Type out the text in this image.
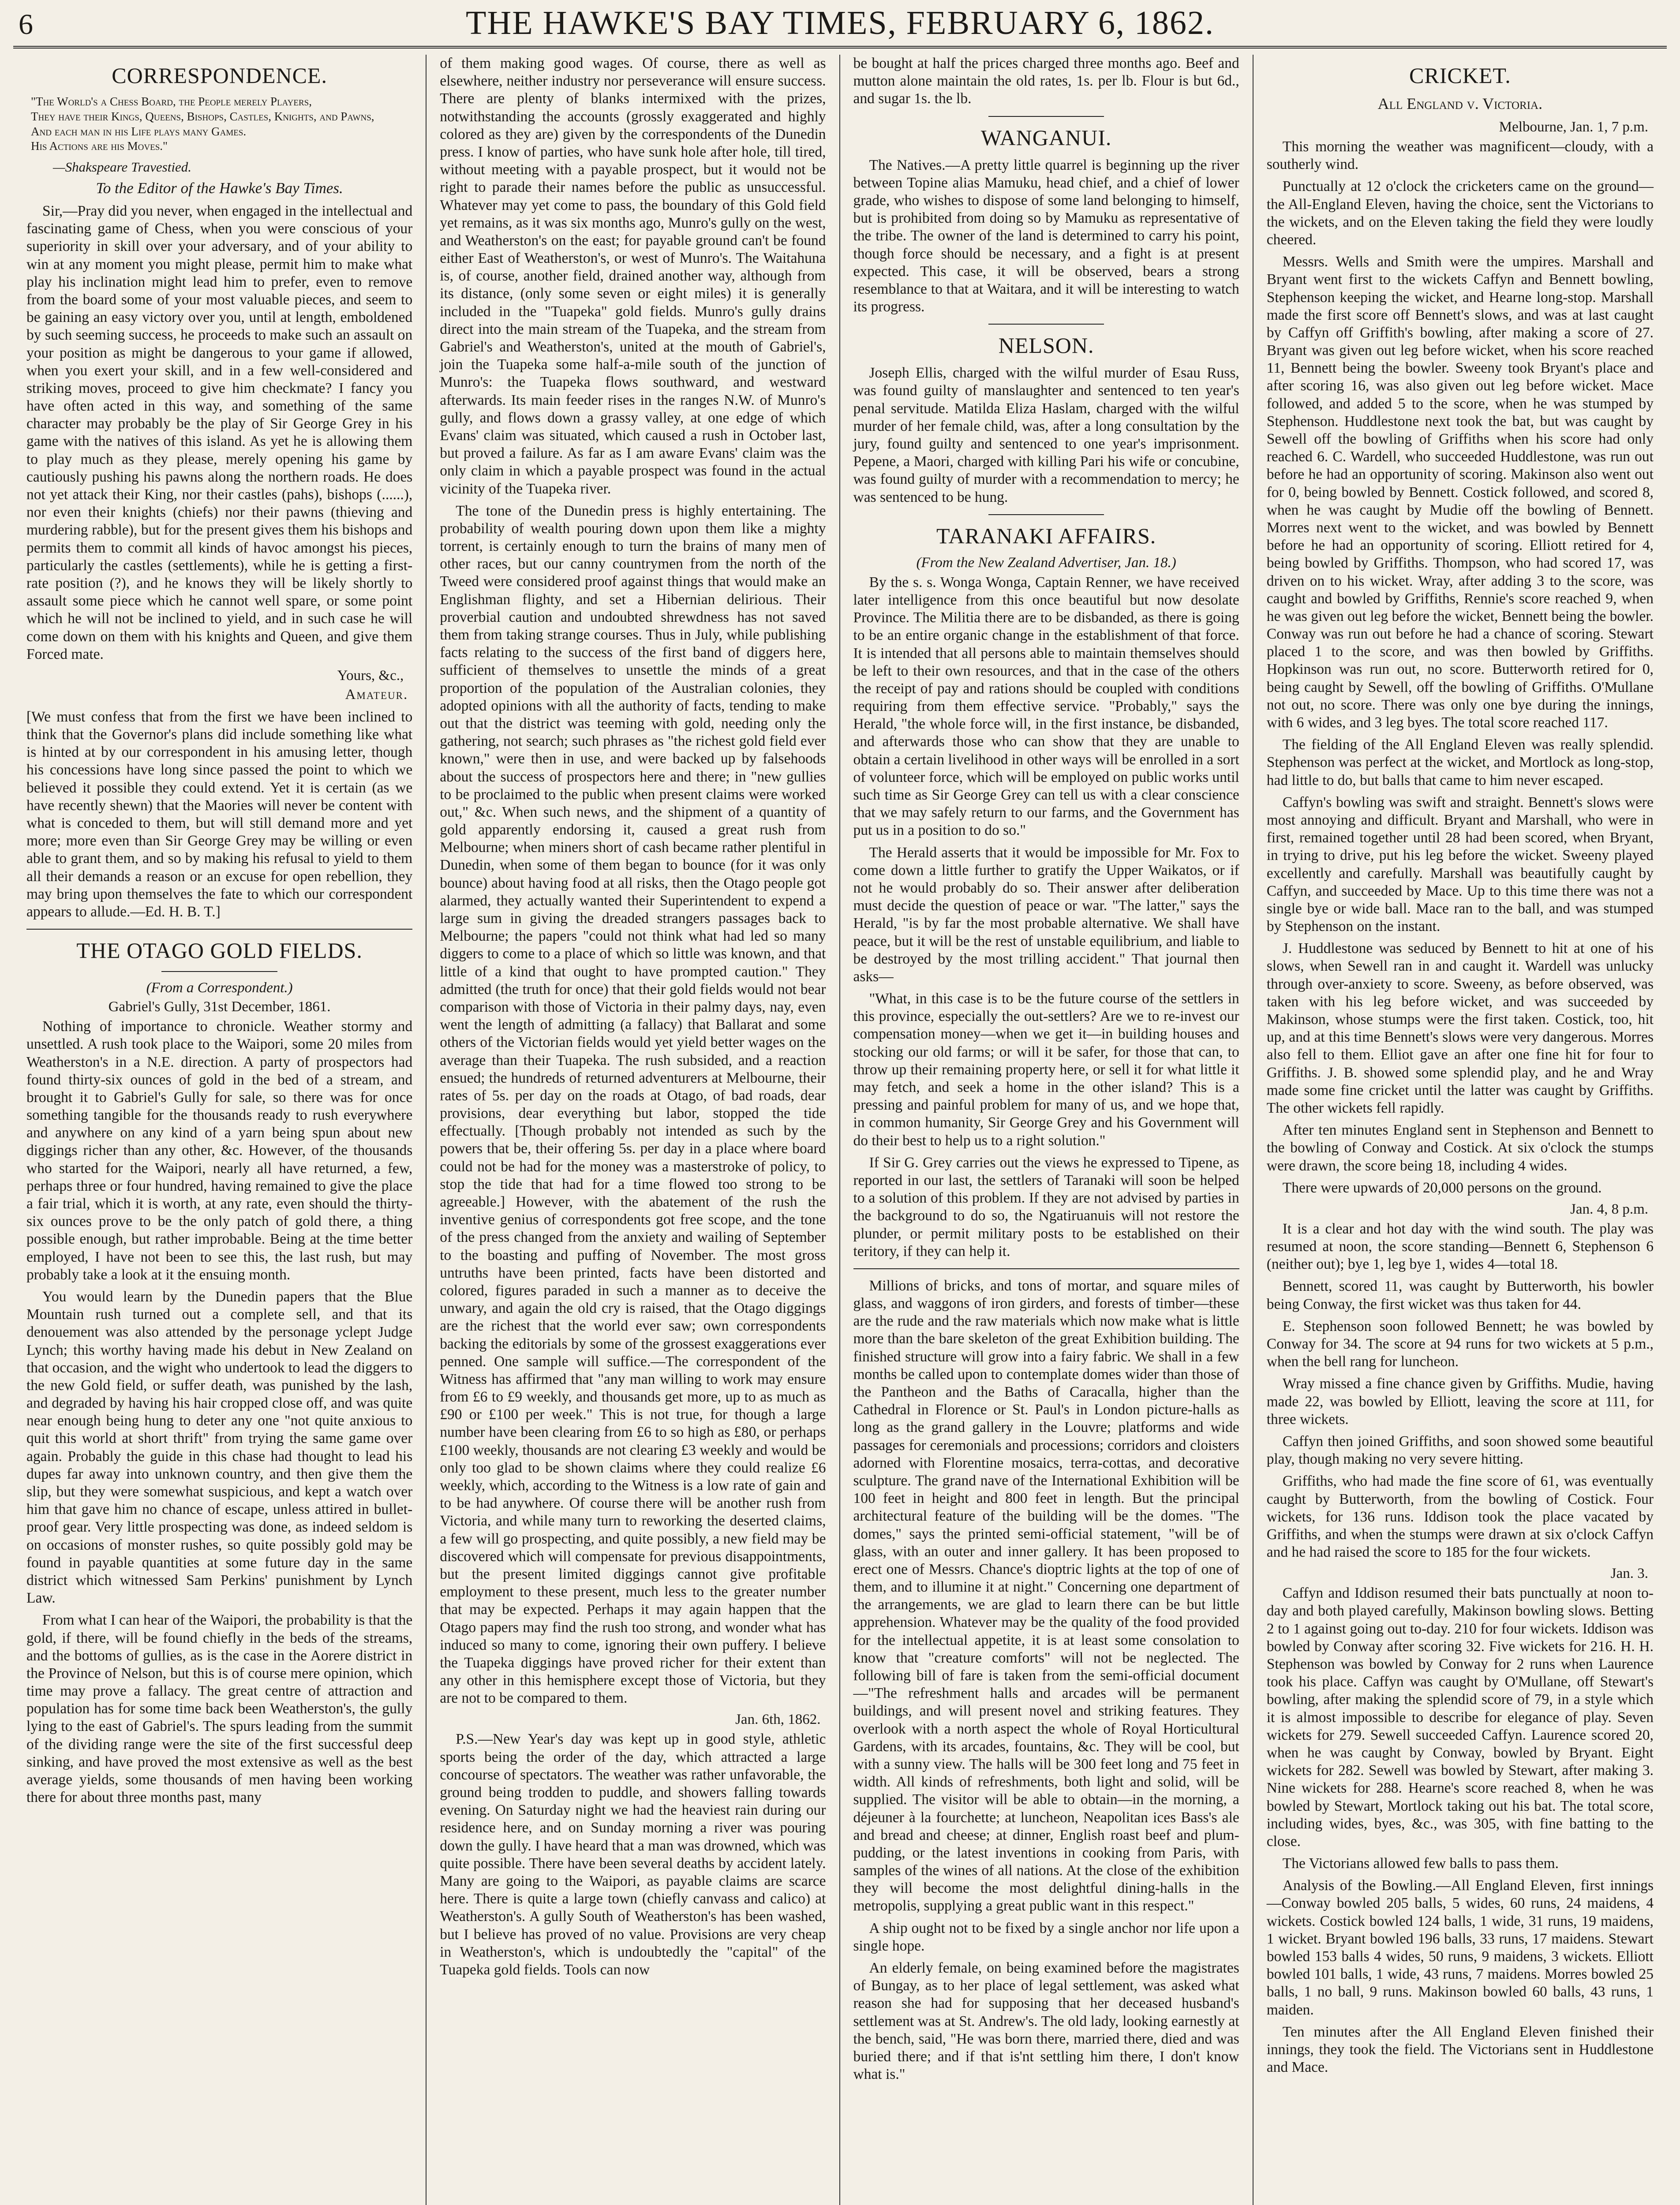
6	THE HAWKE'S BAY TIMES, FEBRUARY 6, 1862.
CORRESPONDENCE.
"The World's a Chess Board, the People merely Players,
They have their Kings, Queens, Bishops, Castles, Knights, and Pawns,
And each man in his Life plays many Games.
His Actions are his Moves."
—Shakspeare Travestied.
To the Editor of the Hawke's Bay Times.

Sir,—Pray did you never, when engaged in the intellectual and fascinating game of Chess, when you were conscious of your superiority in skill over your adversary, and of your ability to win at any moment you might please, permit him to make what play his inclination might lead him to prefer, even to remove from the board some of your most valuable pieces, and seem to be gaining an easy victory over you, until at length, emboldened by such seeming success, he proceeds to make such an assault on your position as might be dangerous to your game if allowed, when you exert your skill, and in a few well-considered and striking moves, proceed to give him checkmate? I fancy you have often acted in this way, and something of the same character may probably be the play of Sir George Grey in his game with the natives of this island. As yet he is allowing them to play much as they please, merely opening his game by cautiously pushing his pawns along the northern roads. He does not yet attack their King, nor their castles (pahs), bishops (......), nor even their knights (chiefs) nor their pawns (thieving and murdering rabble), but for the present gives them his bishops and permits them to commit all kinds of havoc amongst his pieces, particularly the castles (settlements), while he is getting a first-rate position (?), and he knows they will be likely shortly to assault some piece which he cannot well spare, or some point which he will not be inclined to yield, and in such case he will come down on them with his knights and Queen, and give them Forced mate.

Yours, &c.,
Amateur.

[We must confess that from the first we have been inclined to think that the Governor's plans did include something like what is hinted at by our correspondent in his amusing letter, though his concessions have long since passed the point to which we believed it possible they could extend. Yet it is certain (as we have recently shewn) that the Maories will never be content with what is conceded to them, but will still demand more and yet more; more even than Sir George Grey may be willing or even able to grant them, and so by making his refusal to yield to them all their demands a reason or an excuse for open rebellion, they may bring upon themselves the fate to which our correspondent appears to allude.—Ed. H. B. T.]

THE OTAGO GOLD FIELDS.
(From a Correspondent.)
Gabriel's Gully, 31st December, 1861.

Nothing of importance to chronicle. Weather stormy and unsettled. A rush took place to the Waipori, some 20 miles from Weatherston's in a N.E. direction. A party of prospectors had found thirty-six ounces of gold in the bed of a stream, and brought it to Gabriel's Gully for sale, so there was for once something tangible for the thousands ready to rush everywhere and anywhere on any kind of a yarn being spun about new diggings richer than any other, &c. However, of the thousands who started for the Waipori, nearly all have returned, a few, perhaps three or four hundred, having remained to give the place a fair trial, which it is worth, at any rate, even should the thirty-six ounces prove to be the only patch of gold there, a thing possible enough, but rather improbable. Being at the time better employed, I have not been to see this, the last rush, but may probably take a look at it the ensuing month.

You would learn by the Dunedin papers that the Blue Mountain rush turned out a complete sell, and that its denouement was also attended by the personage yclept Judge Lynch; this worthy having made his debut in New Zealand on that occasion, and the wight who undertook to lead the diggers to the new Gold field, or suffer death, was punished by the lash, and degraded by having his hair cropped close off, and was quite near enough being hung to deter any one "not quite anxious to quit this world at short thrift" from trying the same game over again. Probably the guide in this chase had thought to lead his dupes far away into unknown country, and then give them the slip, but they were somewhat suspicious, and kept a watch over him that gave him no chance of escape, unless attired in bullet-proof gear. Very little prospecting was done, as indeed seldom is on occasions of monster rushes, so quite possibly gold may be found in payable quantities at some future day in the same district which witnessed Sam Perkins' punishment by Lynch Law.

From what I can hear of the Waipori, the probability is that the gold, if there, will be found chiefly in the beds of the streams, and the bottoms of gullies, as is the case in the Aorere district in the Province of Nelson, but this is of course mere opinion, which time may prove a fallacy. The great centre of attraction and population has for some time back been Weatherston's, the gully lying to the east of Gabriel's. The spurs leading from the summit of the dividing range were the site of the first successful deep sinking, and have proved the most extensive as well as the best average yields, some thousands of men having been working there for about three months past, many

of them making good wages. Of course, there as well as elsewhere, neither industry nor perseverance will ensure success. There are plenty of blanks intermixed with the prizes, notwithstanding the accounts (grossly exaggerated and highly colored as they are) given by the correspondents of the Dunedin press. I know of parties, who have sunk hole after hole, till tired, without meeting with a payable prospect, but it would not be right to parade their names before the public as unsuccessful. Whatever may yet come to pass, the boundary of this Gold field yet remains, as it was six months ago, Munro's gully on the west, and Weatherston's on the east; for payable ground can't be found either East of Weatherston's, or west of Munro's. The Waitahuna is, of course, another field, drained another way, although from its distance, (only some seven or eight miles) it is generally included in the "Tuapeka" gold fields. Munro's gully drains direct into the main stream of the Tuapeka, and the stream from Gabriel's and Weatherston's, united at the mouth of Gabriel's, join the Tuapeka some half-a-mile south of the junction of Munro's: the Tuapeka flows southward, and westward afterwards. Its main feeder rises in the ranges N.W. of Munro's gully, and flows down a grassy valley, at one edge of which Evans' claim was situated, which caused a rush in October last, but proved a failure. As far as I am aware Evans' claim was the only claim in which a payable prospect was found in the actual vicinity of the Tuapeka river.

The tone of the Dunedin press is highly entertaining. The probability of wealth pouring down upon them like a mighty torrent, is certainly enough to turn the brains of many men of other races, but our canny countrymen from the north of the Tweed were considered proof against things that would make an Englishman flighty, and set a Hibernian delirious. Their proverbial caution and undoubted shrewdness has not saved them from taking strange courses. Thus in July, while publishing facts relating to the success of the first band of diggers here, sufficient of themselves to unsettle the minds of a great proportion of the population of the Australian colonies, they adopted opinions with all the authority of facts, tending to make out that the district was teeming with gold, needing only the gathering, not search; such phrases as "the richest gold field ever known," were then in use, and were backed up by falsehoods about the success of prospectors here and there; in "new gullies to be proclaimed to the public when present claims were worked out," &c. When such news, and the shipment of a quantity of gold apparently endorsing it, caused a great rush from Melbourne; when miners short of cash became rather plentiful in Dunedin, when some of them began to bounce (for it was only bounce) about having food at all risks, then the Otago people got alarmed, they actually wanted their Superintendent to expend a large sum in giving the dreaded strangers passages back to Melbourne; the papers "could not think what had led so many diggers to come to a place of which so little was known, and that little of a kind that ought to have prompted caution." They admitted (the truth for once) that their gold fields would not bear comparison with those of Victoria in their palmy days, nay, even went the length of admitting (a fallacy) that Ballarat and some others of the Victorian fields would yet yield better wages on the average than their Tuapeka. The rush subsided, and a reaction ensued; the hundreds of returned adventurers at Melbourne, their rates of 5s. per day on the roads at Otago, of bad roads, dear provisions, dear everything but labor, stopped the tide effectually. [Though probably not intended as such by the powers that be, their offering 5s. per day in a place where board could not be had for the money was a masterstroke of policy, to stop the tide that had for a time flowed too strong to be agreeable.] However, with the abatement of the rush the inventive genius of correspondents got free scope, and the tone of the press changed from the anxiety and wailing of September to the boasting and puffing of November. The most gross untruths have been printed, facts have been distorted and colored, figures paraded in such a manner as to deceive the unwary, and again the old cry is raised, that the Otago diggings are the richest that the world ever saw; own correspondents backing the editorials by some of the grossest exaggerations ever penned. One sample will suffice.—The correspondent of the Witness has affirmed that "any man willing to work may ensure from £6 to £9 weekly, and thousands get more, up to as much as £90 or £100 per week." This is not true, for though a large number have been clearing from £6 to so high as £80, or perhaps £100 weekly, thousands are not clearing £3 weekly and would be only too glad to be shown claims where they could realize £6 weekly, which, according to the Witness is a low rate of gain and to be had anywhere. Of course there will be another rush from Victoria, and while many turn to reworking the deserted claims, a few will go prospecting, and quite possibly, a new field may be discovered which will compensate for previous disappointments, but the present limited diggings cannot give profitable employment to these present, much less to the greater number that may be expected. Perhaps it may again happen that the Otago papers may find the rush too strong, and wonder what has induced so many to come, ignoring their own puffery. I believe the Tuapeka diggings have proved richer for their extent than any other in this hemisphere except those of Victoria, but they are not to be compared to them.

Jan. 6th, 1862.

P.S.—New Year's day was kept up in good style, athletic sports being the order of the day, which attracted a large concourse of spectators. The weather was rather unfavorable, the ground being trodden to puddle, and showers falling towards evening. On Saturday night we had the heaviest rain during our residence here, and on Sunday morning a river was pouring down the gully. I have heard that a man was drowned, which was quite possible. There have been several deaths by accident lately. Many are going to the Waipori, as payable claims are scarce here. There is quite a large town (chiefly canvass and calico) at Weatherston's. A gully South of Weatherston's has been washed, but I believe has proved of no value. Provisions are very cheap in Weatherston's, which is undoubtedly the "capital" of the Tuapeka gold fields. Tools can now

be bought at half the prices charged three months ago. Beef and mutton alone maintain the old rates, 1s. per lb. Flour is but 6d., and sugar 1s. the lb.

WANGANUI.

The Natives.—A pretty little quarrel is beginning up the river between Topine alias Mamuku, head chief, and a chief of lower grade, who wishes to dispose of some land belonging to himself, but is prohibited from doing so by Mamuku as representative of the tribe. The owner of the land is determined to carry his point, though force should be necessary, and a fight is at present expected. This case, it will be observed, bears a strong resemblance to that at Waitara, and it will be interesting to watch its progress.

NELSON.

Joseph Ellis, charged with the wilful murder of Esau Russ, was found guilty of manslaughter and sentenced to ten year's penal servitude. Matilda Eliza Haslam, charged with the wilful murder of her female child, was, after a long consultation by the jury, found guilty and sentenced to one year's imprisonment. Pepene, a Maori, charged with killing Pari his wife or concubine, was found guilty of murder with a recommendation to mercy; he was sentenced to be hung.

TARANAKI AFFAIRS.
(From the New Zealand Advertiser, Jan. 18.)

By the s. s. Wonga Wonga, Captain Renner, we have received later intelligence from this once beautiful but now desolate Province. The Militia there are to be disbanded, as there is going to be an entire organic change in the establishment of that force. It is intended that all persons able to maintain themselves should be left to their own resources, and that in the case of the others the receipt of pay and rations should be coupled with conditions requiring from them effective service. "Probably," says the Herald, "the whole force will, in the first instance, be disbanded, and afterwards those who can show that they are unable to obtain a certain livelihood in other ways will be enrolled in a sort of volunteer force, which will be employed on public works until such time as Sir George Grey can tell us with a clear conscience that we may safely return to our farms, and the Government has put us in a position to do so."

The Herald asserts that it would be impossible for Mr. Fox to come down a little further to gratify the Upper Waikatos, or if not he would probably do so. Their answer after deliberation must decide the question of peace or war. "The latter," says the Herald, "is by far the most probable alternative. We shall have peace, but it will be the rest of unstable equilibrium, and liable to be destroyed by the most trilling accident." That journal then asks—

"What, in this case is to be the future course of the settlers in this province, especially the out-settlers? Are we to re-invest our compensation money—when we get it—in building houses and stocking our old farms; or will it be safer, for those that can, to throw up their remaining property here, or sell it for what little it may fetch, and seek a home in the other island? This is a pressing and painful problem for many of us, and we hope that, in common humanity, Sir George Grey and his Government will do their best to help us to a right solution."

If Sir G. Grey carries out the views he expressed to Tipene, as reported in our last, the settlers of Taranaki will soon be helped to a solution of this problem. If they are not advised by parties in the background to do so, the Ngatiruanuis will not restore the plunder, or permit military posts to be established on their teritory, if they can help it.

Millions of bricks, and tons of mortar, and square miles of glass, and waggons of iron girders, and forests of timber—these are the rude and the raw materials which now make what is little more than the bare skeleton of the great Exhibition building. The finished structure will grow into a fairy fabric. We shall in a few months be called upon to contemplate domes wider than those of the Pantheon and the Baths of Caracalla, higher than the Cathedral in Florence or St. Paul's in London picture-halls as long as the grand gallery in the Louvre; platforms and wide passages for ceremonials and processions; corridors and cloisters adorned with Florentine mosaics, terra-cottas, and decorative sculpture. The grand nave of the International Exhibition will be 100 feet in height and 800 feet in length. But the principal architectural feature of the building will be the domes. "The domes," says the printed semi-official statement, "will be of glass, with an outer and inner gallery. It has been proposed to erect one of Messrs. Chance's dioptric lights at the top of one of them, and to illumine it at night." Concerning one department of the arrangements, we are glad to learn there can be but little apprehension. Whatever may be the quality of the food provided for the intellectual appetite, it is at least some consolation to know that "creature comforts" will not be neglected. The following bill of fare is taken from the semi-official document—"The refreshment halls and arcades will be permanent buildings, and will present novel and striking features. They overlook with a north aspect the whole of Royal Horticultural Gardens, with its arcades, fountains, &c. They will be cool, but with a sunny view. The halls will be 300 feet long and 75 feet in width. All kinds of refreshments, both light and solid, will be supplied. The visitor will be able to obtain—in the morning, a déjeuner à la fourchette; at luncheon, Neapolitan ices Bass's ale and bread and cheese; at dinner, English roast beef and plum-pudding, or the latest inventions in cooking from Paris, with samples of the wines of all nations. At the close of the exhibition they will become the most delightful dining-halls in the metropolis, supplying a great public want in this respect."

A ship ought not to be fixed by a single anchor nor life upon a single hope.

An elderly female, on being examined before the magistrates of Bungay, as to her place of legal settlement, was asked what reason she had for supposing that her deceased husband's settlement was at St. Andrew's. The old lady, looking earnestly at the bench, said, "He was born there, married there, died and was buried there; and if that is'nt settling him there, I don't know what is."

CRICKET.
All England v. Victoria.
Melbourne, Jan. 1, 7 p.m.

This morning the weather was magnificent—cloudy, with a southerly wind.

Punctually at 12 o'clock the cricketers came on the ground—the All-England Eleven, having the choice, sent the Victorians to the wickets, and on the Eleven taking the field they were loudly cheered.

Messrs. Wells and Smith were the umpires. Marshall and Bryant went first to the wickets Caffyn and Bennett bowling, Stephenson keeping the wicket, and Hearne long-stop. Marshall made the first score off Bennett's slows, and was at last caught by Caffyn off Griffith's bowling, after making a score of 27. Bryant was given out leg before wicket, when his score reached 11, Bennett being the bowler. Sweeny took Bryant's place and after scoring 16, was also given out leg before wicket. Mace followed, and added 5 to the score, when he was stumped by Stephenson. Huddlestone next took the bat, but was caught by Sewell off the bowling of Griffiths when his score had only reached 6. C. Wardell, who succeeded Huddlestone, was run out before he had an opportunity of scoring. Makinson also went out for 0, being bowled by Bennett. Costick followed, and scored 8, when he was caught by Mudie off the bowling of Bennett. Morres next went to the wicket, and was bowled by Bennett before he had an opportunity of scoring. Elliott retired for 4, being bowled by Griffiths. Thompson, who had scored 17, was driven on to his wicket. Wray, after adding 3 to the score, was caught and bowled by Griffiths, Rennie's score reached 9, when he was given out leg before the wicket, Bennett being the bowler. Conway was run out before he had a chance of scoring. Stewart placed 1 to the score, and was then bowled by Griffiths. Hopkinson was run out, no score. Butterworth retired for 0, being caught by Sewell, off the bowling of Griffiths. O'Mullane not out, no score. There was only one bye during the innings, with 6 wides, and 3 leg byes. The total score reached 117.

The fielding of the All England Eleven was really splendid. Stephenson was perfect at the wicket, and Mortlock as long-stop, had little to do, but balls that came to him never escaped.

Caffyn's bowling was swift and straight. Bennett's slows were most annoying and difficult. Bryant and Marshall, who were in first, remained together until 28 had been scored, when Bryant, in trying to drive, put his leg before the wicket. Sweeny played excellently and carefully. Marshall was beautifully caught by Caffyn, and succeeded by Mace. Up to this time there was not a single bye or wide ball. Mace ran to the ball, and was stumped by Stephenson on the instant.

J. Huddlestone was seduced by Bennett to hit at one of his slows, when Sewell ran in and caught it. Wardell was unlucky through over-anxiety to score. Sweeny, as before observed, was taken with his leg before wicket, and was succeeded by Makinson, whose stumps were the first taken. Costick, too, hit up, and at this time Bennett's slows were very dangerous. Morres also fell to them. Elliot gave an after one fine hit for four to Griffiths. J. B. showed some splendid play, and he and Wray made some fine cricket until the latter was caught by Griffiths. The other wickets fell rapidly.

After ten minutes England sent in Stephenson and Bennett to the bowling of Conway and Costick. At six o'clock the stumps were drawn, the score being 18, including 4 wides.

There were upwards of 20,000 persons on the ground.

Jan. 4, 8 p.m.

It is a clear and hot day with the wind south. The play was resumed at noon, the score standing—Bennett 6, Stephenson 6 (neither out); bye 1, leg bye 1, wides 4—total 18.

Bennett, scored 11, was caught by Butterworth, his bowler being Conway, the first wicket was thus taken for 44.

E. Stephenson soon followed Bennett; he was bowled by Conway for 34. The score at 94 runs for two wickets at 5 p.m., when the bell rang for luncheon.

Wray missed a fine chance given by Griffiths. Mudie, having made 22, was bowled by Elliott, leaving the score at 111, for three wickets.

Caffyn then joined Griffiths, and soon showed some beautiful play, though making no very severe hitting.

Griffiths, who had made the fine score of 61, was eventually caught by Butterworth, from the bowling of Costick. Four wickets, for 136 runs. Iddison took the place vacated by Griffiths, and when the stumps were drawn at six o'clock Caffyn and he had raised the score to 185 for the four wickets.

Jan. 3.

Caffyn and Iddison resumed their bats punctually at noon to-day and both played carefully, Makinson bowling slows. Betting 2 to 1 against going out to-day. 210 for four wickets. Iddison was bowled by Conway after scoring 32. Five wickets for 216. H. H. Stephenson was bowled by Conway for 2 runs when Laurence took his place. Caffyn was caught by O'Mullane, off Stewart's bowling, after making the splendid score of 79, in a style which it is almost impossible to describe for elegance of play. Seven wickets for 279. Sewell succeeded Caffyn. Laurence scored 20, when he was caught by Conway, bowled by Bryant. Eight wickets for 282. Sewell was bowled by Stewart, after making 3. Nine wickets for 288. Hearne's score reached 8, when he was bowled by Stewart, Mortlock taking out his bat. The total score, including wides, byes, &c., was 305, with fine batting to the close.

The Victorians allowed few balls to pass them.

Analysis of the Bowling.—All England Eleven, first innings—Conway bowled 205 balls, 5 wides, 60 runs, 24 maidens, 4 wickets. Costick bowled 124 balls, 1 wide, 31 runs, 19 maidens, 1 wicket. Bryant bowled 196 balls, 33 runs, 17 maidens. Stewart bowled 153 balls 4 wides, 50 runs, 9 maidens, 3 wickets. Elliott bowled 101 balls, 1 wide, 43 runs, 7 maidens. Morres bowled 25 balls, 1 no ball, 9 runs. Makinson bowled 60 balls, 43 runs, 1 maiden.

Ten minutes after the All England Eleven finished their innings, they took the field. The Victorians sent in Huddlestone and Mace.
